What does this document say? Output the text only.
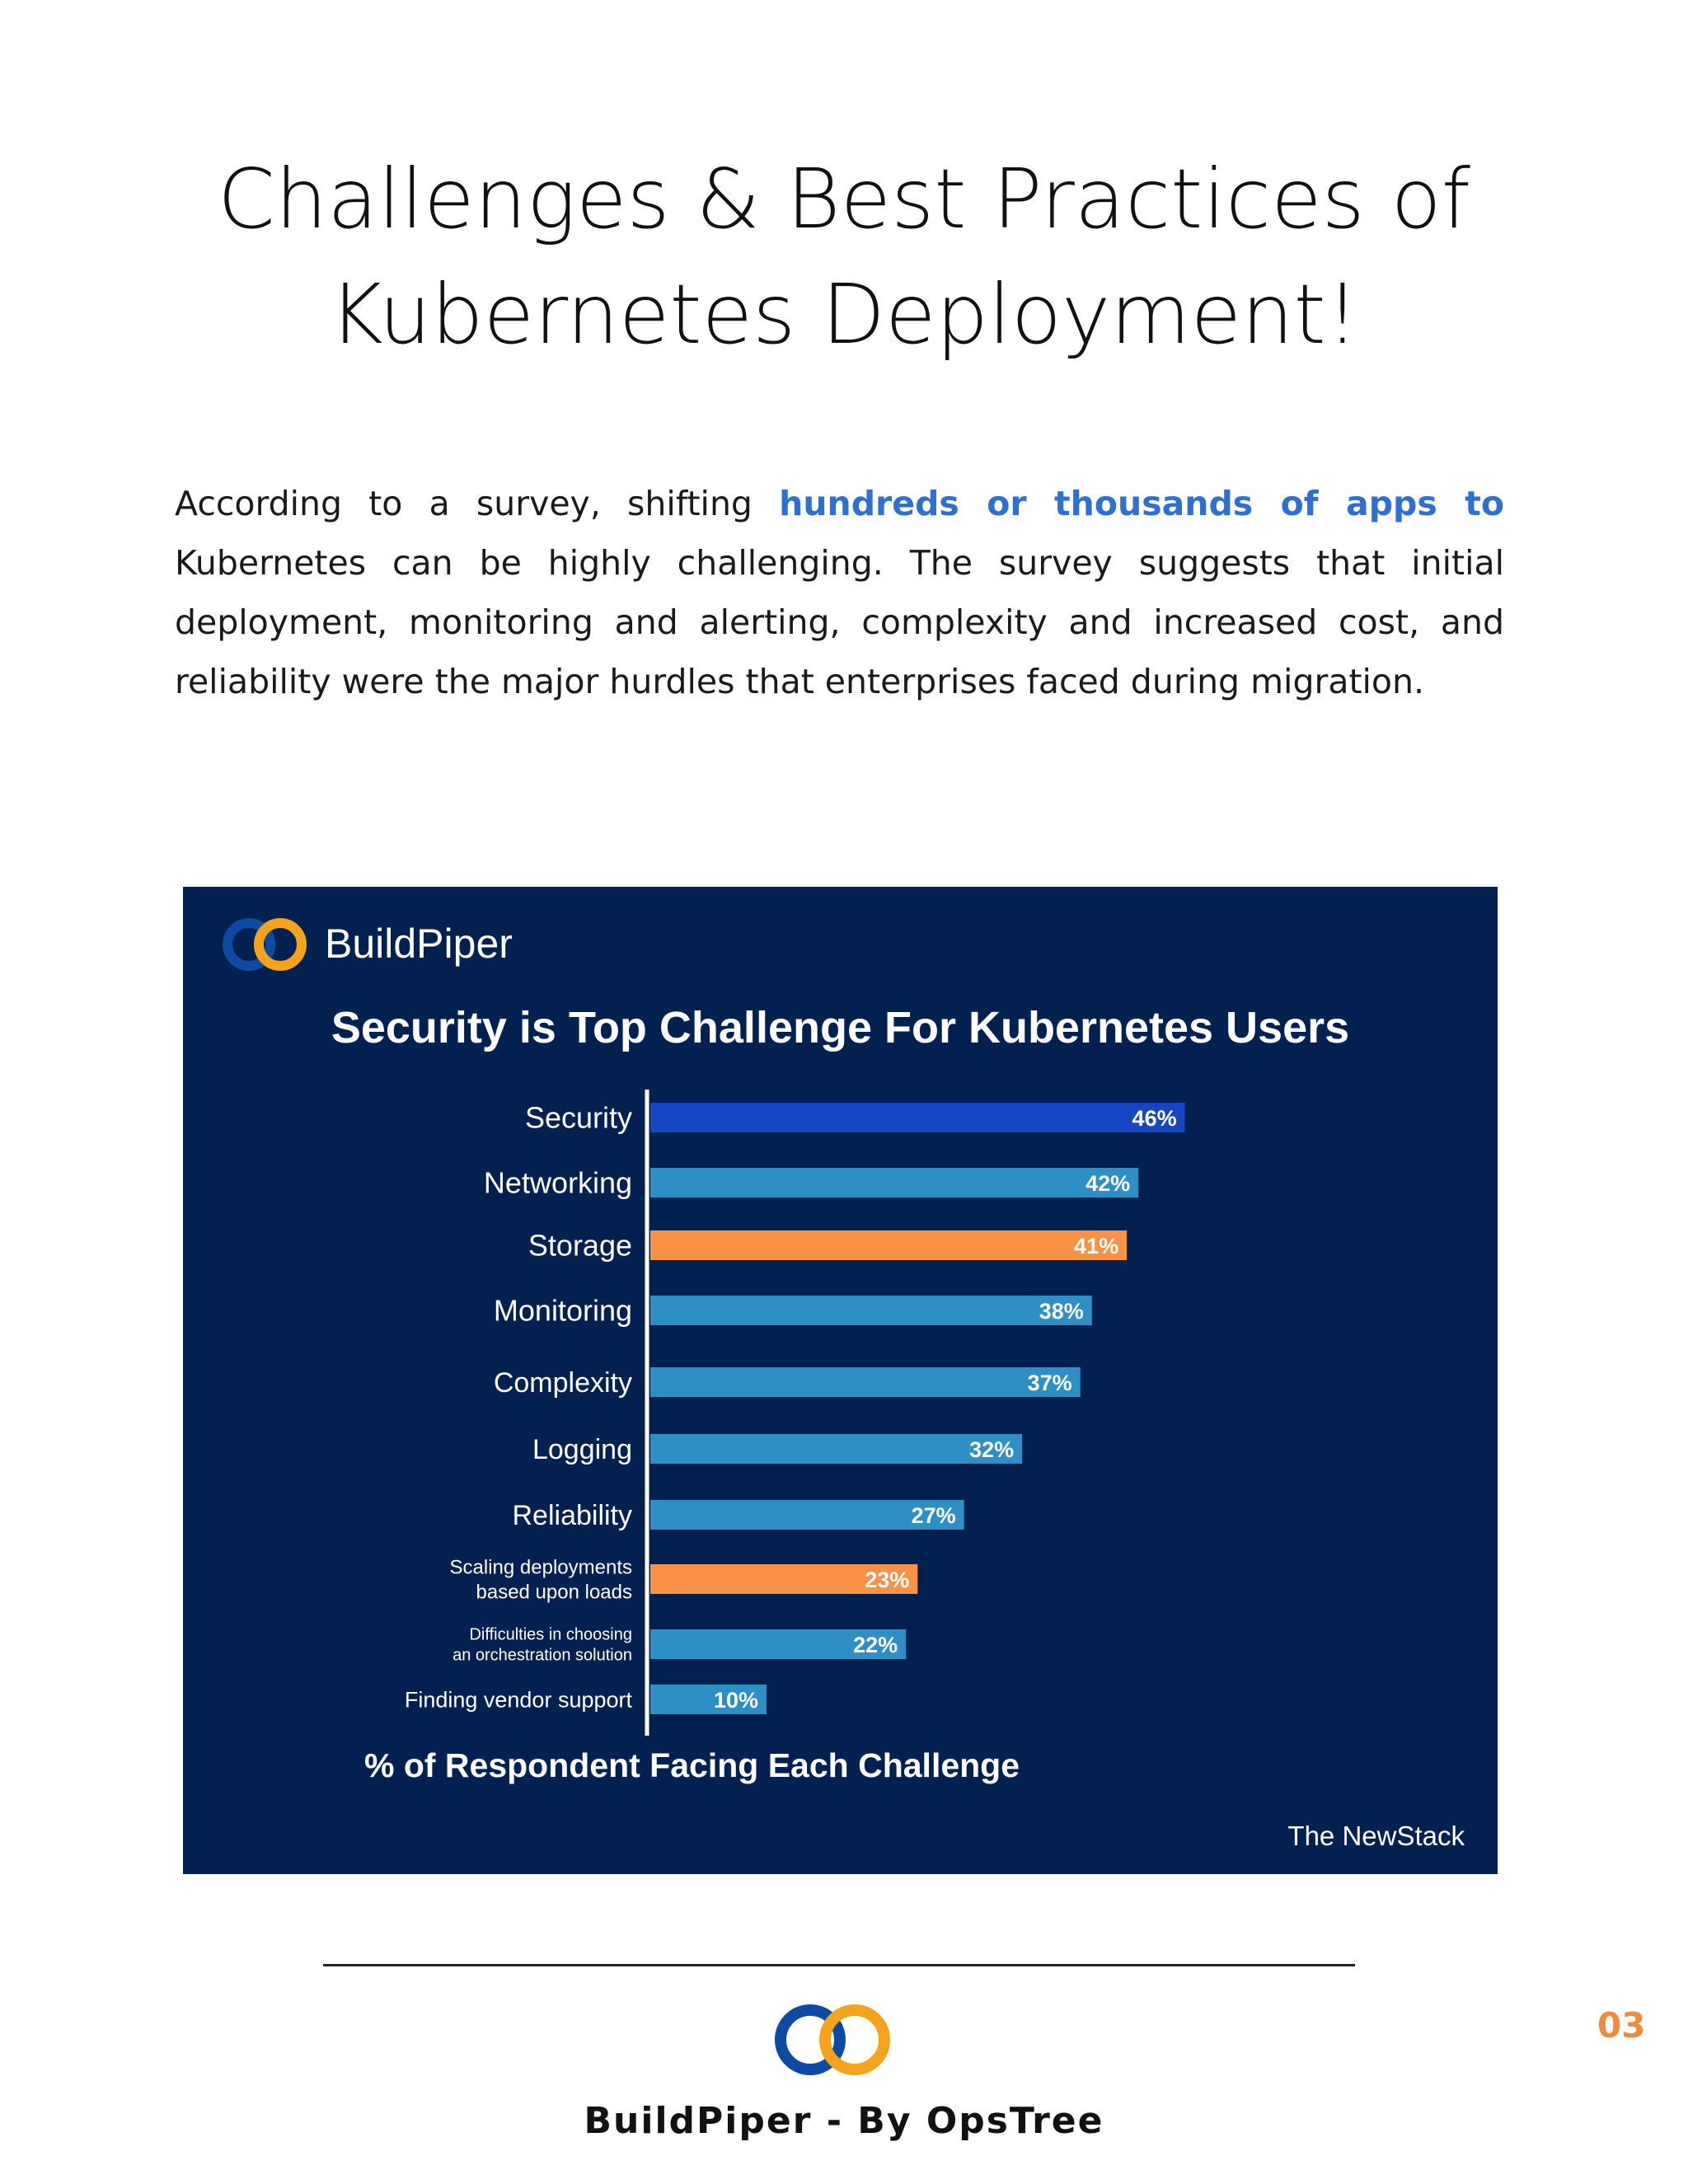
Challenges & Best Practices of
Kubernetes Deployment!

According to a survey, shifting hundreds or thousands of apps to Kubernetes can be highly challenging. The survey suggests that initial deployment, monitoring and alerting, complexity and increased cost, and reliability were the major hurdles that enterprises faced during migration.

BuildPiper
Security is Top Challenge For Kubernetes Users
46%
Security
42%
Networking
41%
Storage
38%
Monitoring
37%
Complexity
32%
Logging
27%
Reliability
23%
Scaling deployments based upon loads
22%
Difficulties in choosing an orchestration solution
10%
Finding vendor support
% of Respondent Facing Each Challenge
The NewStack
BuildPiper - By OpsTree
03
